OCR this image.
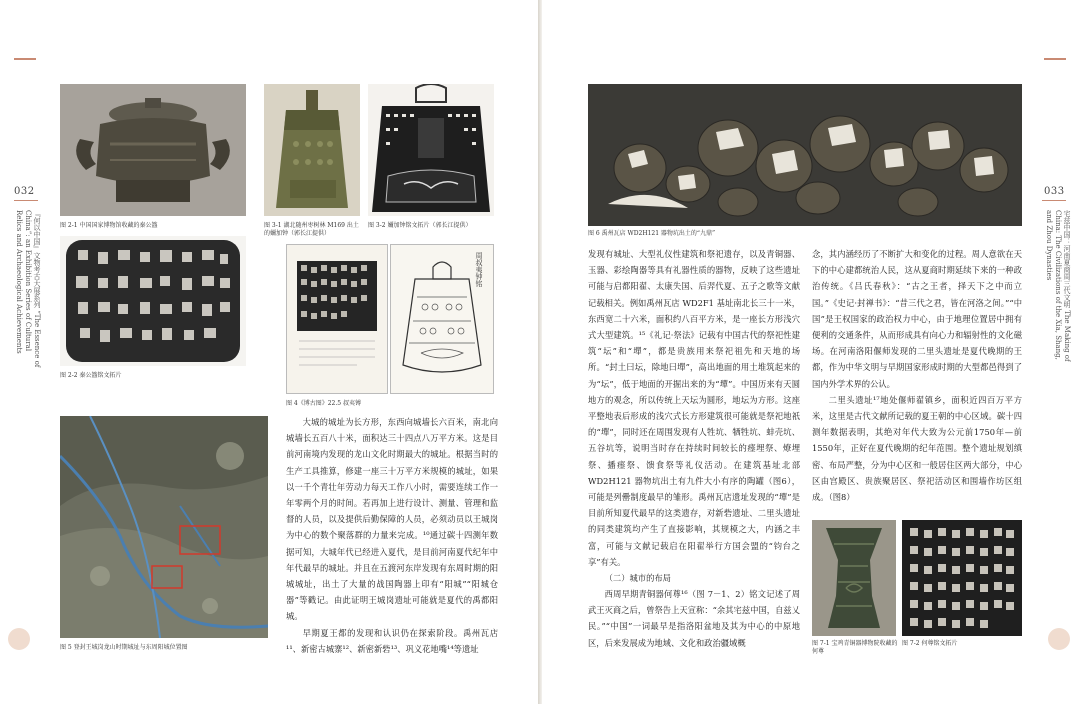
032
『何以中国』文物考古大展系列 “The Essence of China”: an Exhibition Series of Cultural Relics and Archaeological Achievements	图 2-1 中国国家博物馆收藏的秦公簋	图 3-1 湖北随州枣树林 M169 出土的嬭加钟（郭长江提供）
图 3-2 嬭加钟铭文拓片（郭长江提供）
图 2-2 秦公簋铭文拓片
周叔夷钟铭
图 4《博古图》22.5 叔夷镈
图 5 登封王城岗龙山时期城址与东周阳城位置图

大城的城址为长方形，东西向城墙长六百米，南北向城墙长五百八十米，面积达三十四点八万平方米。这是目前河南境内发现的龙山文化时期最大的城址。根据当时的生产工具推算，修建一座三十万平方米规模的城址，如果以一千个青壮年劳动力每天工作八小时，需要连续工作一年零两个月的时间。若再加上进行设计、测量、管理和监督的人员，以及提供后勤保障的人员，必须动员以王城岗为中心的数个聚落群的力量来完成。¹⁰通过碳十四测年数据可知，大城年代已经进入夏代，是目前河南夏代纪年中年代最早的城址。并且在五渡河东岸发现有东周时期的阳城城址，出土了大量的战国陶器上印有“阳城”“阳城仓器”等戳记。由此证明王城岗遗址可能就是夏代的禹都阳城。

早期夏王都的发现和认识仍在探索阶段。禹州瓦店¹¹、新密古城寨¹²、新密新砦¹³、巩义花地嘴¹⁴等遗址

033
宅兹中国：河南夏商周三代文明 The Making of China: The Civilizations of the Xia, Shang, and Zhou Dynasties
图 6 禹州瓦店 WD2H121 器物坑出土的“九鼎”

发现有城址、大型礼仪性建筑和祭祀遗存，以及青铜器、玉器、彩绘陶器等具有礼器性质的器物，反映了这些遗址可能与启都阳翟、太康失国、后羿代夏、五子之歌等文献记载相关。例如禹州瓦店 WD2F1 基址南北长三十一米，东西宽二十六米，面积约八百平方米，是一座长方形浅穴式大型建筑。¹⁵《礼记·祭法》记载有中国古代的祭祀性建筑“坛”和“墠”，都是贵族用来祭祀祖先和天地的场所。“封土曰坛，除地曰墠”，高出地面的用土堆筑起来的为“坛”，低于地面的开掘出来的为“墠”。中国历来有天圆地方的观念，所以传统上天坛为圆形，地坛为方形。这座平整地表后形成的浅穴式长方形建筑很可能就是祭祀地祇的“墠”，同时还在周围发现有人牲坑、牺牲坑、蚌壳坑、五谷坑等，说明当时存在持续时间较长的瘗埋祭、燎埋祭、播瘗祭、馈食祭等礼仪活动。在建筑基址北部 WD2H121 器物坑出土有九件大小有序的陶罐（图6），可能是列罍制度最早的雏形。禹州瓦店遗址发现的“墠”是目前所知夏代最早的这类遗存，对新砦遗址、二里头遗址的同类建筑均产生了直接影响，其规模之大，内涵之丰富，可能与文献记载启在阳翟举行方国会盟的“钧台之享”有关。

（二）城市的布局

西周早期青铜器何尊¹⁶（图 7－1、2）铭文记述了周武王灭商之后，曾祭告上天宣称：“余其宅兹中国，自兹乂民。”“中国”一词最早是指洛阳盆地及其为中心的中原地区，后来发展成为地域、文化和政治疆域概

念，其内涵经历了不断扩大和变化的过程。周人意欲在天下的中心建都统治人民，这从夏商时期延续下来的一种政治传统。《吕氏春秋》：“古之王者，择天下之中而立国。”《史记·封禅书》：“昔三代之君，皆在河洛之间。”“中国”是王权国家的政治权力中心，由于地理位置居中拥有便利的交通条件，从而形成具有向心力和辐射性的文化磁场。在河南洛阳偃师发现的二里头遗址是夏代晚期的王都，作为中华文明与早期国家形成时期的大型都邑得到了国内外学术界的公认。

二里头遗址¹⁷地处偃师翟镇乡，面积近四百万平方米，这里是古代文献所记载的夏王朝的中心区域。碳十四测年数据表明，其绝对年代大致为公元前1750年—前1550年，正好在夏代晚期的纪年范围。整个遗址规划缜密、布局严整，分为中心区和一般居住区两大部分，中心区由宫殿区、贵族聚居区、祭祀活动区和围墙作坊区组成。（图8）

图 7-1 宝鸡青铜器博物院收藏的何尊
图 7-2 何尊铭文拓片
